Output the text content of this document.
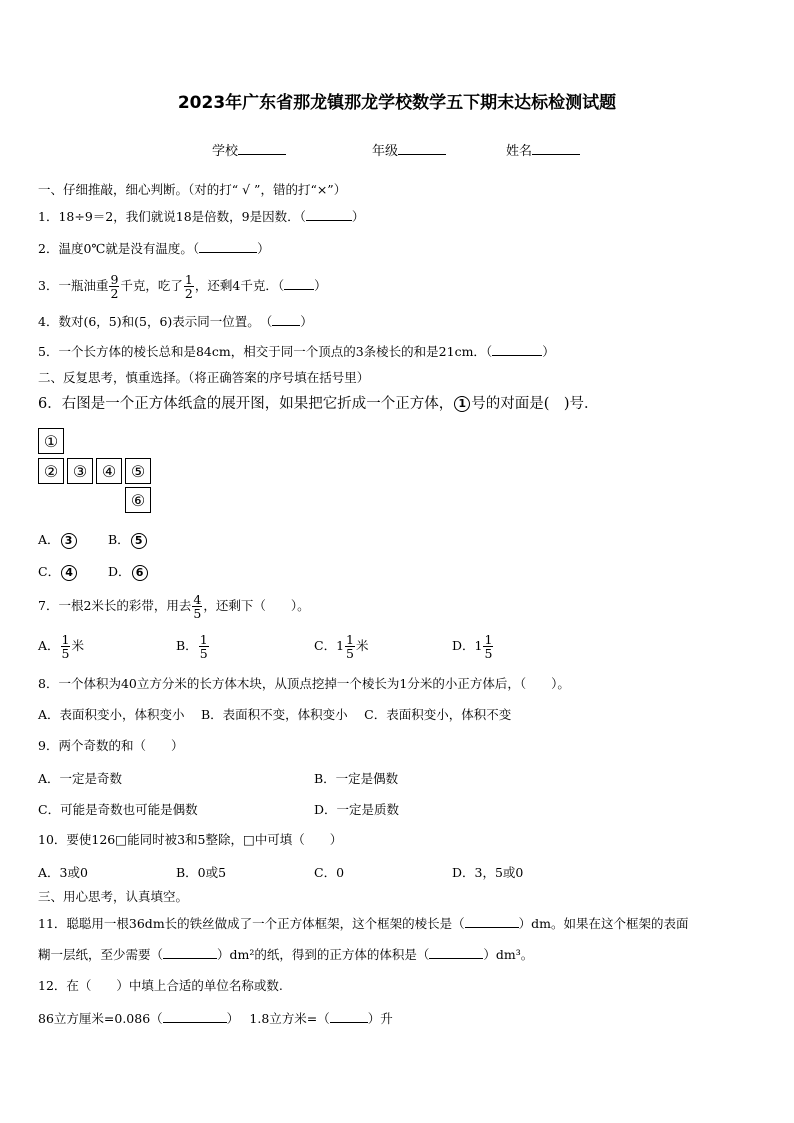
2023年广东省那龙镇那龙学校数学五下期末达标检测试题
学校	年级	姓名
一、仔细推敲，细心判断。（对的打“ √ ”，错的打“×”）
1．18÷9＝2，我们就说18是倍数，9是因数．（	）
2．温度0℃就是没有温度。（	）
3．一瓶油重 $\frac{9}{2}$ 千克，吃了 $\frac{1}{2}$ ，还剩4千克．（ ）
4．数对(6，5)和(5，6)表示同一位置。　（ ）
5．一个长方体的棱长总和是84cm，相交于同一个顶点的3条棱长的和是21cm．（	）
二、反复思考，慎重选择。（将正确答案的序号填在括号里）
6．右图是一个正方体纸盒的展开图，如果把它折成一个正方体， 1 号的对面是(　)号．
①
② ③ ④ ⑤
⑥
A． 3	B． 5
C． 4	D． 6
7．一根2米长的彩带，用去 $\frac{4}{5}$ ，还剩下（　　）。
A． $\frac{1}{5}$ 米	B． $\frac{1}{5}$	C．$1 \frac{1}{5}$ 米	D．$1 \frac{1}{5}$
8．一个体积为40立方分米的长方体木块，从顶点挖掉一个棱长为1分米的小正方体后，（　　）。
A．表面积变小，体积变小　 B．表面积不变，体积变小　 C．表面积变小，体积不变
9．两个奇数的和（　　）
A．一定是奇数	B．一定是偶数
C．可能是奇数也可能是偶数	D．一定是质数
10．要使126□能同时被3和5整除，□中可填（　　）
A．3或0	B．0或5	C．0	D．3，5或0
三、用心思考，认真填空。
11．聪聪用一根36dm长的铁丝做成了一个正方体框架，这个框架的棱长是（	）dm。如果在这个框架的表面
糊一层纸，至少需要（	）dm²的纸，得到的正方体的体积是（	）dm³。
12．在（　　）中填上合适的单位名称或数.
86立方厘米=0.086（	）　 1.8立方米=（	）升
